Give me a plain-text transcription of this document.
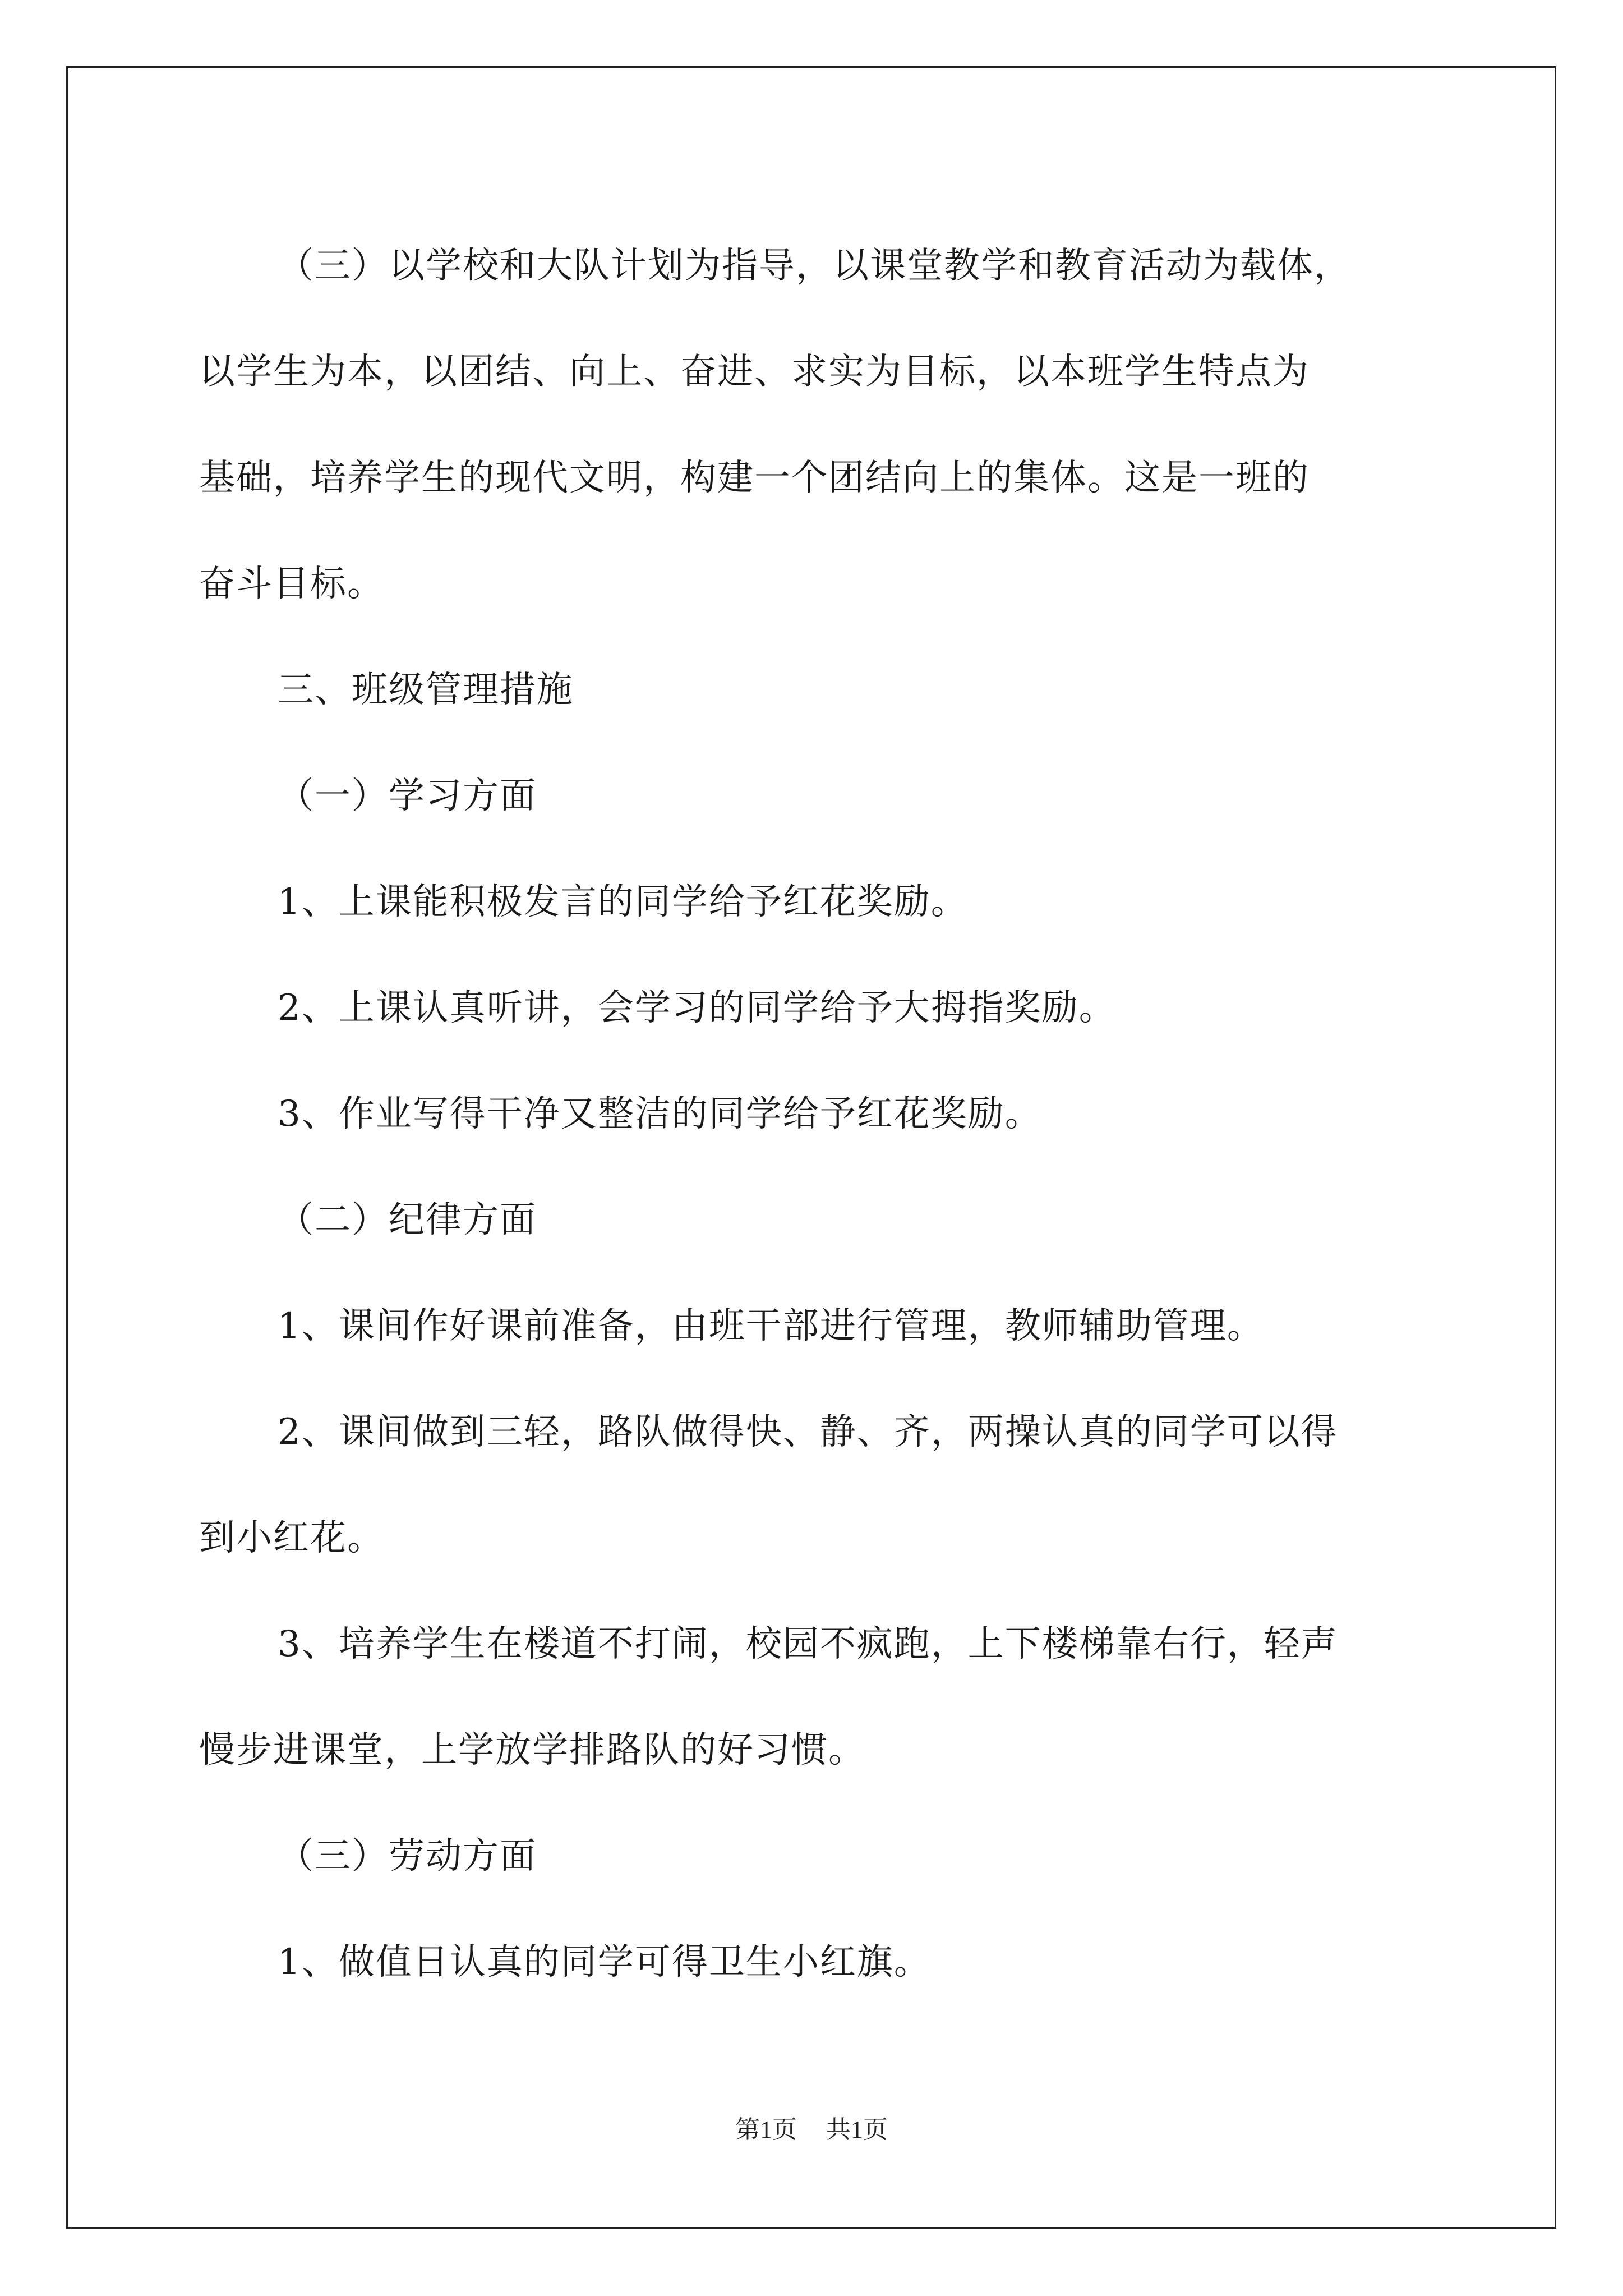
（三）以学校和大队计划为指导，以课堂教学和教育活动为载体，

以学生为本，以团结、向上、奋进、求实为目标，以本班学生特点为

基础，培养学生的现代文明，构建一个团结向上的集体。这是一班的

奋斗目标。

三、班级管理措施

（一）学习方面

1、上课能积极发言的同学给予红花奖励。

2、上课认真听讲，会学习的同学给予大拇指奖励。

3、作业写得干净又整洁的同学给予红花奖励。

（二）纪律方面

1、课间作好课前准备，由班干部进行管理，教师辅助管理。

2、课间做到三轻，路队做得快、静、齐，两操认真的同学可以得

到小红花。

3、培养学生在楼道不打闹，校园不疯跑，上下楼梯靠右行，轻声

慢步进课堂，上学放学排路队的好习惯。

（三）劳动方面

1、做值日认真的同学可得卫生小红旗。

第1页 共1页
